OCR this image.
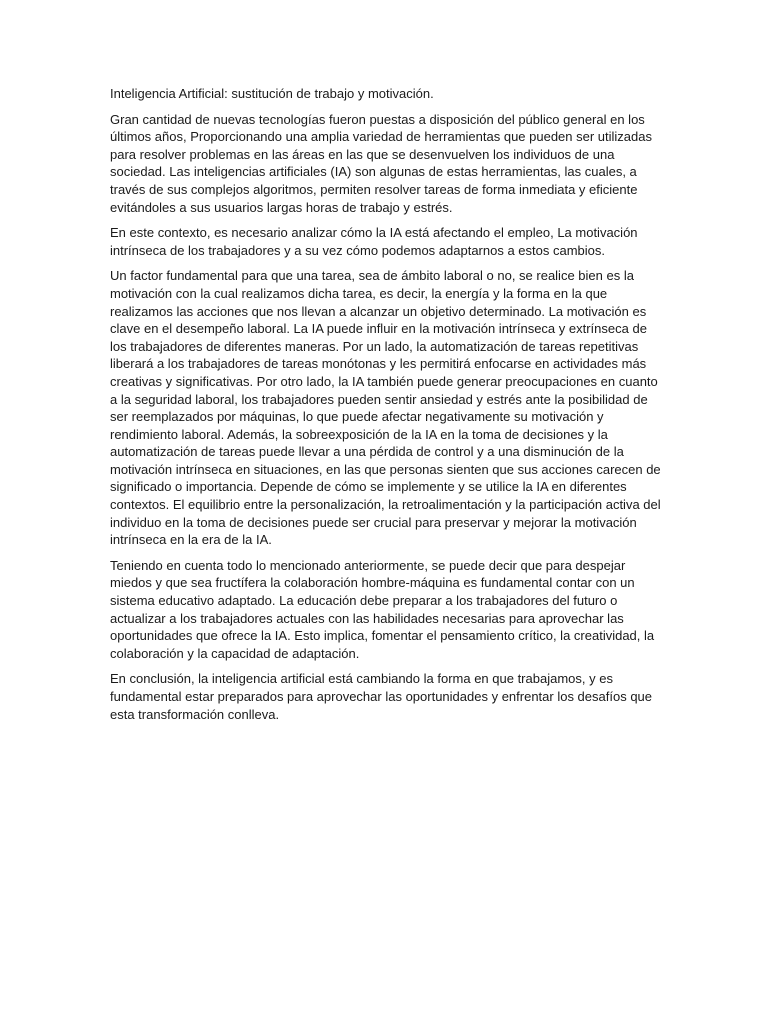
Inteligencia Artificial: sustitución de trabajo y motivación.

Gran cantidad de nuevas tecnologías fueron puestas a disposición del público general en los últimos años, Proporcionando una amplia variedad de herramientas que pueden ser utilizadas para resolver problemas en las áreas en las que se desenvuelven los individuos de una sociedad. Las inteligencias artificiales (IA) son algunas de estas herramientas, las cuales, a través de sus complejos algoritmos, permiten resolver tareas de forma inmediata y eficiente evitándoles a sus usuarios largas horas de trabajo y estrés.

En este contexto, es necesario analizar cómo la IA está afectando el empleo, La motivación intrínseca de los trabajadores y a su vez cómo podemos adaptarnos a estos cambios.

Un factor fundamental para que una tarea, sea de ámbito laboral o no, se realice bien es la motivación con la cual realizamos dicha tarea, es decir, la energía y la forma en la que realizamos las acciones que nos llevan a alcanzar un objetivo determinado. La motivación es clave en el desempeño laboral. La IA puede influir en la motivación intrínseca y extrínseca de los trabajadores de diferentes maneras. Por un lado, la automatización de tareas repetitivas liberará a los trabajadores de tareas monótonas y les permitirá enfocarse en actividades más creativas y significativas. Por otro lado, la IA también puede generar preocupaciones en cuanto a la seguridad laboral, los trabajadores pueden sentir ansiedad y estrés ante la posibilidad de ser reemplazados por máquinas, lo que puede afectar negativamente su motivación y rendimiento laboral. Además, la sobreexposición de la IA en la toma de decisiones y la automatización de tareas puede llevar a una pérdida de control y a una disminución de la motivación intrínseca en situaciones, en las que personas sienten que sus acciones carecen de significado o importancia. Depende de cómo se implemente y se utilice la IA en diferentes contextos. El equilibrio entre la personalización, la retroalimentación y la participación activa del individuo en la toma de decisiones puede ser crucial para preservar y mejorar la motivación intrínseca en la era de la IA.

Teniendo en cuenta todo lo mencionado anteriormente, se puede decir que para despejar miedos y que sea fructífera la colaboración hombre-máquina es fundamental contar con un sistema educativo adaptado. La educación debe preparar a los trabajadores del futuro o actualizar a los trabajadores actuales con las habilidades necesarias para aprovechar las oportunidades que ofrece la IA. Esto implica, fomentar el pensamiento crítico, la creatividad, la colaboración y la capacidad de adaptación.

En conclusión, la inteligencia artificial está cambiando la forma en que trabajamos, y es fundamental estar preparados para aprovechar las oportunidades y enfrentar los desafíos que esta transformación conlleva.
